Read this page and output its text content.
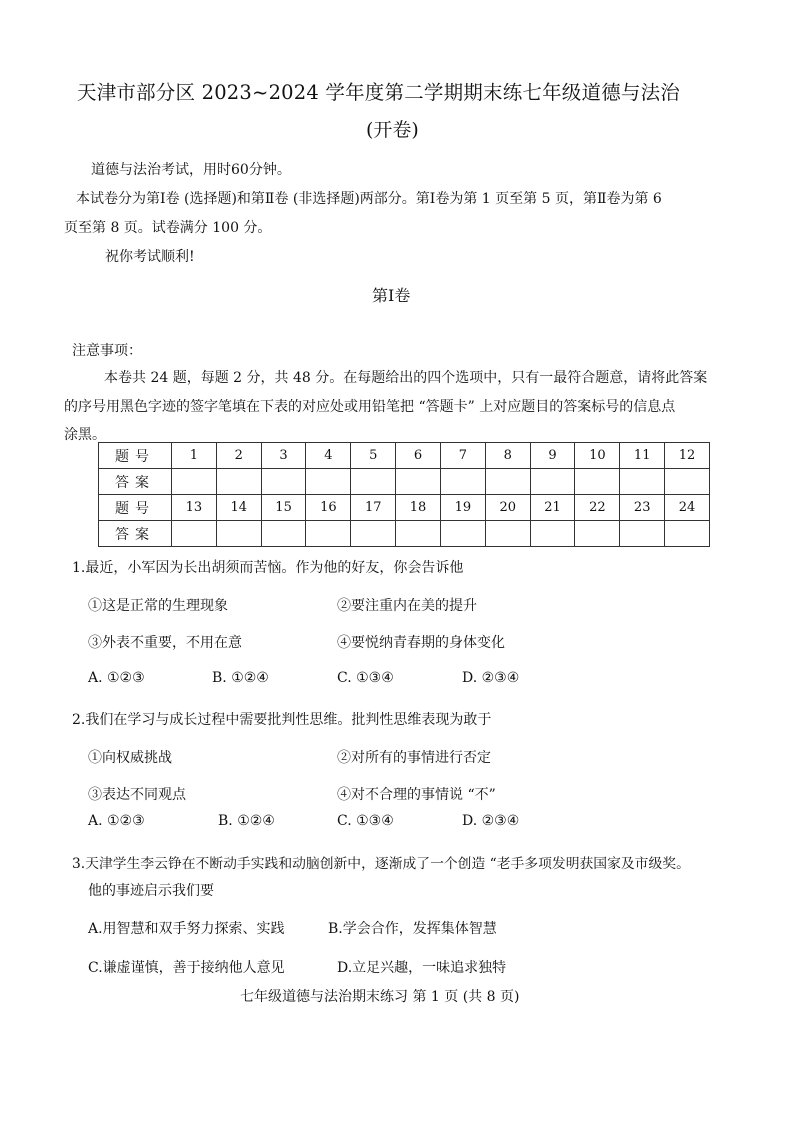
天津市部分区 2023~2024 学年度第二学期期末练七年级道德与法治
(开卷)
道德与法治考试，用时60分钟。
本试卷分为第Ⅰ卷 (选择题)和第Ⅱ卷 (非选择题)两部分。第Ⅰ卷为第 1 页至第 5 页，第Ⅱ卷为第 6
页至第 8 页。试卷满分 100 分。
祝你考试顺利!
第Ⅰ卷
注意事项：
本卷共 24 题，每题 2 分，共 48 分。在每题给出的四个选项中，只有一最符合题意，请将此答案
的序号用黑色字迹的签字笔填在下表的对应处或用铅笔把 “答题卡” 上对应题目的答案标号的信息点
涂黑。
题号	1	2	3	4	5	6	7	8	9	10	11	12
答案												
题号	13	14	15	16	17	18	19	20	21	22	23	24
答案												
1.最近，小军因为长出胡须而苦恼。作为他的好友，你会告诉他
①这是正常的生理现象	②要注重内在美的提升
③外表不重要，不用在意	④要悦纳青春期的身体变化
A. ①②③	B. ①②④	C. ①③④	D. ②③④
2.我们在学习与成长过程中需要批判性思维。批判性思维表现为敢于
①向权威挑战	②对所有的事情进行否定
③表达不同观点	④对不合理的事情说 “不”
A. ①②③	B. ①②④	C. ①③④	D. ②③④
3.天津学生李云铮在不断动手实践和动脑创新中，逐渐成了一个创造 “老手多项发明获国家及市级奖。
他的事迹启示我们要
A.用智慧和双手努力探索、实践	B.学会合作，发挥集体智慧
C.谦虚谨慎，善于接纳他人意见	D.立足兴趣，一味追求独特
七年级道德与法治期末练习 第 1 页 (共 8 页)
